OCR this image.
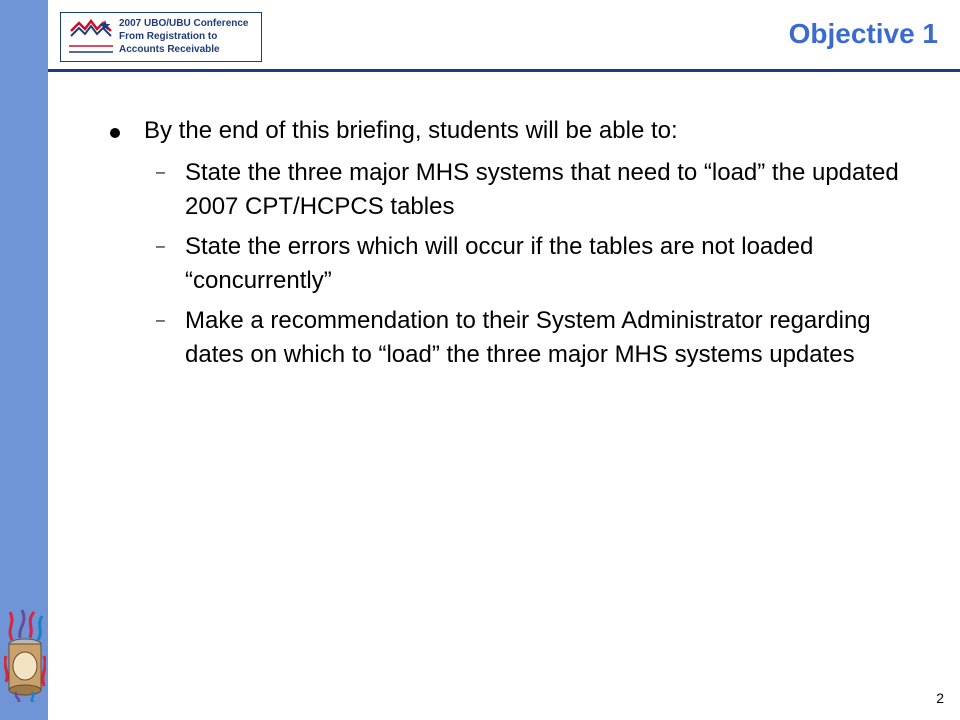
2007 UBO/UBU Conference
From Registration to
Accounts Receivable
Objective 1
By the end of this briefing, students will be able to:
– State the three major MHS systems that need to “load” the updated 2007 CPT/HCPCS tables
– State the errors which will occur if the tables are not loaded “concurrently”
– Make a recommendation to their System Administrator regarding dates on which to “load” the three major MHS systems updates
2
